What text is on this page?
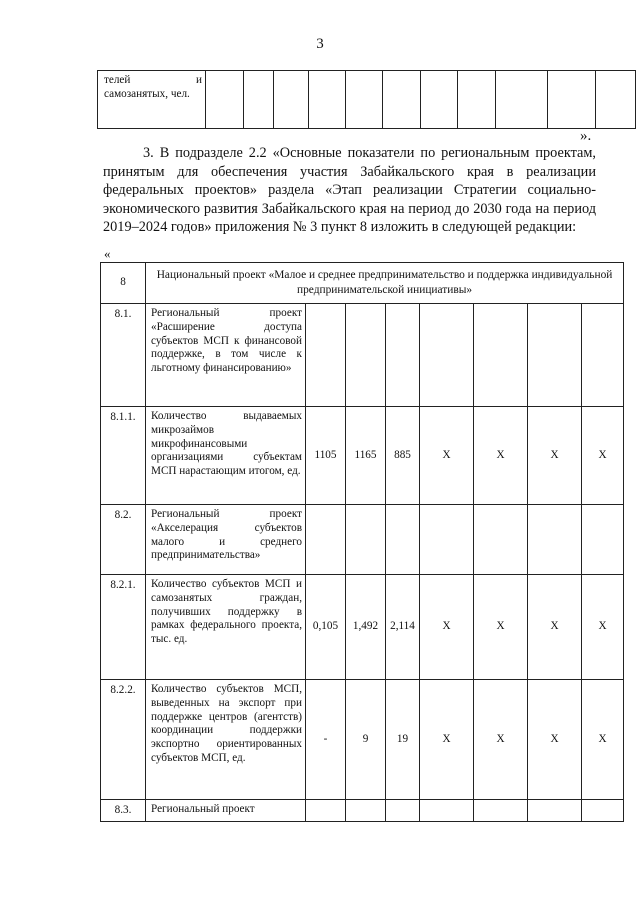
3
телей и самозанятых, чел.											
».
3. В подразделе 2.2 «Основные показатели по региональным проектам, принятым для обеспечения участия Забайкальского края в реализации федеральных проектов» раздела «Этап реализации Стратегии социально-экономического развития Забайкальского края на период до 2030 года на период 2019–2024 годов» приложения № 3 пункт 8 изложить в следующей редакции:
«
8	Национальный проект «Малое и среднее предпринимательство и поддержка индивидуальной предпринимательской инициативы»							
8.1.	Региональный проект «Расширение доступа субъектов МСП к финансовой поддержке, в том числе к льготному финансированию»							
8.1.1.	Количество выдаваемых микрозаймов микрофинансовыми организациями субъектам МСП нарастающим итогом, ед.	1105	1165	885	X	X	X	X
8.2.	Региональный проект «Акселерация субъектов малого и среднего предпринимательства»							
8.2.1.	Количество субъектов МСП и самозанятых граждан, получивших поддержку в рамках федерального проекта, тыс. ед.	0,105	1,492	2,114	X	X	X	X
8.2.2.	Количество субъектов МСП, выведенных на экспорт при поддержке центров (агентств) координации поддержки экспортно ориентированных субъектов МСП, ед.	-	9	19	X	X	X	X
8.3.	Региональный проект							
